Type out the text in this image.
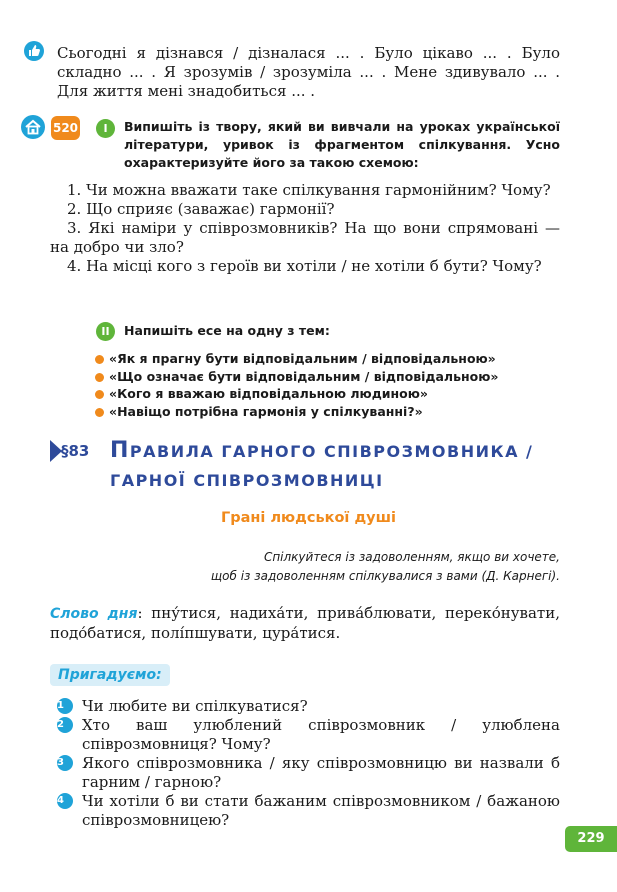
Сьогодні я дізнався / дізналася ... . Було цікаво ... . Було складно ... . Я зрозумів / зрозуміла ... . Мене здивувало ... . Для життя мені знадобиться ... .
520	I	Випишіть із твору, який ви вивчали на уроках української літератури, уривок із фрагментом спілкування. Усно охарактеризуйте його за такою схемою:
1. Чи можна вважати таке спілкування гармонійним? Чому?
2. Що сприяє (заважає) гармонії?
3. Які наміри у співрозмовників? На що вони спрямовані — на добро чи зло?
4. На місці кого з героїв ви хотіли / не хотіли б бути? Чому?
II	Напишіть есе на одну з тем:
«Як я прагну бути відповідальним / відповідальною»
«Що означає бути відповідальним / відповідальною»
«Кого я вважаю відповідальною людиною»
«Навіщо потрібна гармонія у спілкуванні?»
§83 ПРАВИЛА ГАРНОГО СПІВРОЗМОВНИКА /
ГАРНОЇ СПІВРОЗМОВНИЦІ
Грані людської душі
Спілкуйтеся із задоволенням, якщо ви хочете,
щоб із задоволенням спілкувалися з вами (Д. Карнегі).
Слово дня: пну́тися, надиха́ти, прива́блювати, переко́нувати, подо́батися, полі́пшувати, цура́тися.
Пригадуємо:
1	Чи любите ви спілкуватися?
2	Хто ваш улюблений співрозмовник / улюблена співрозмовниця? Чому?
3	Якого співрозмовника / яку співрозмовницю ви назвали б гарним / гарною?
4	Чи хотіли б ви стати бажаним співрозмовником / бажаною співрозмовницею?
229
